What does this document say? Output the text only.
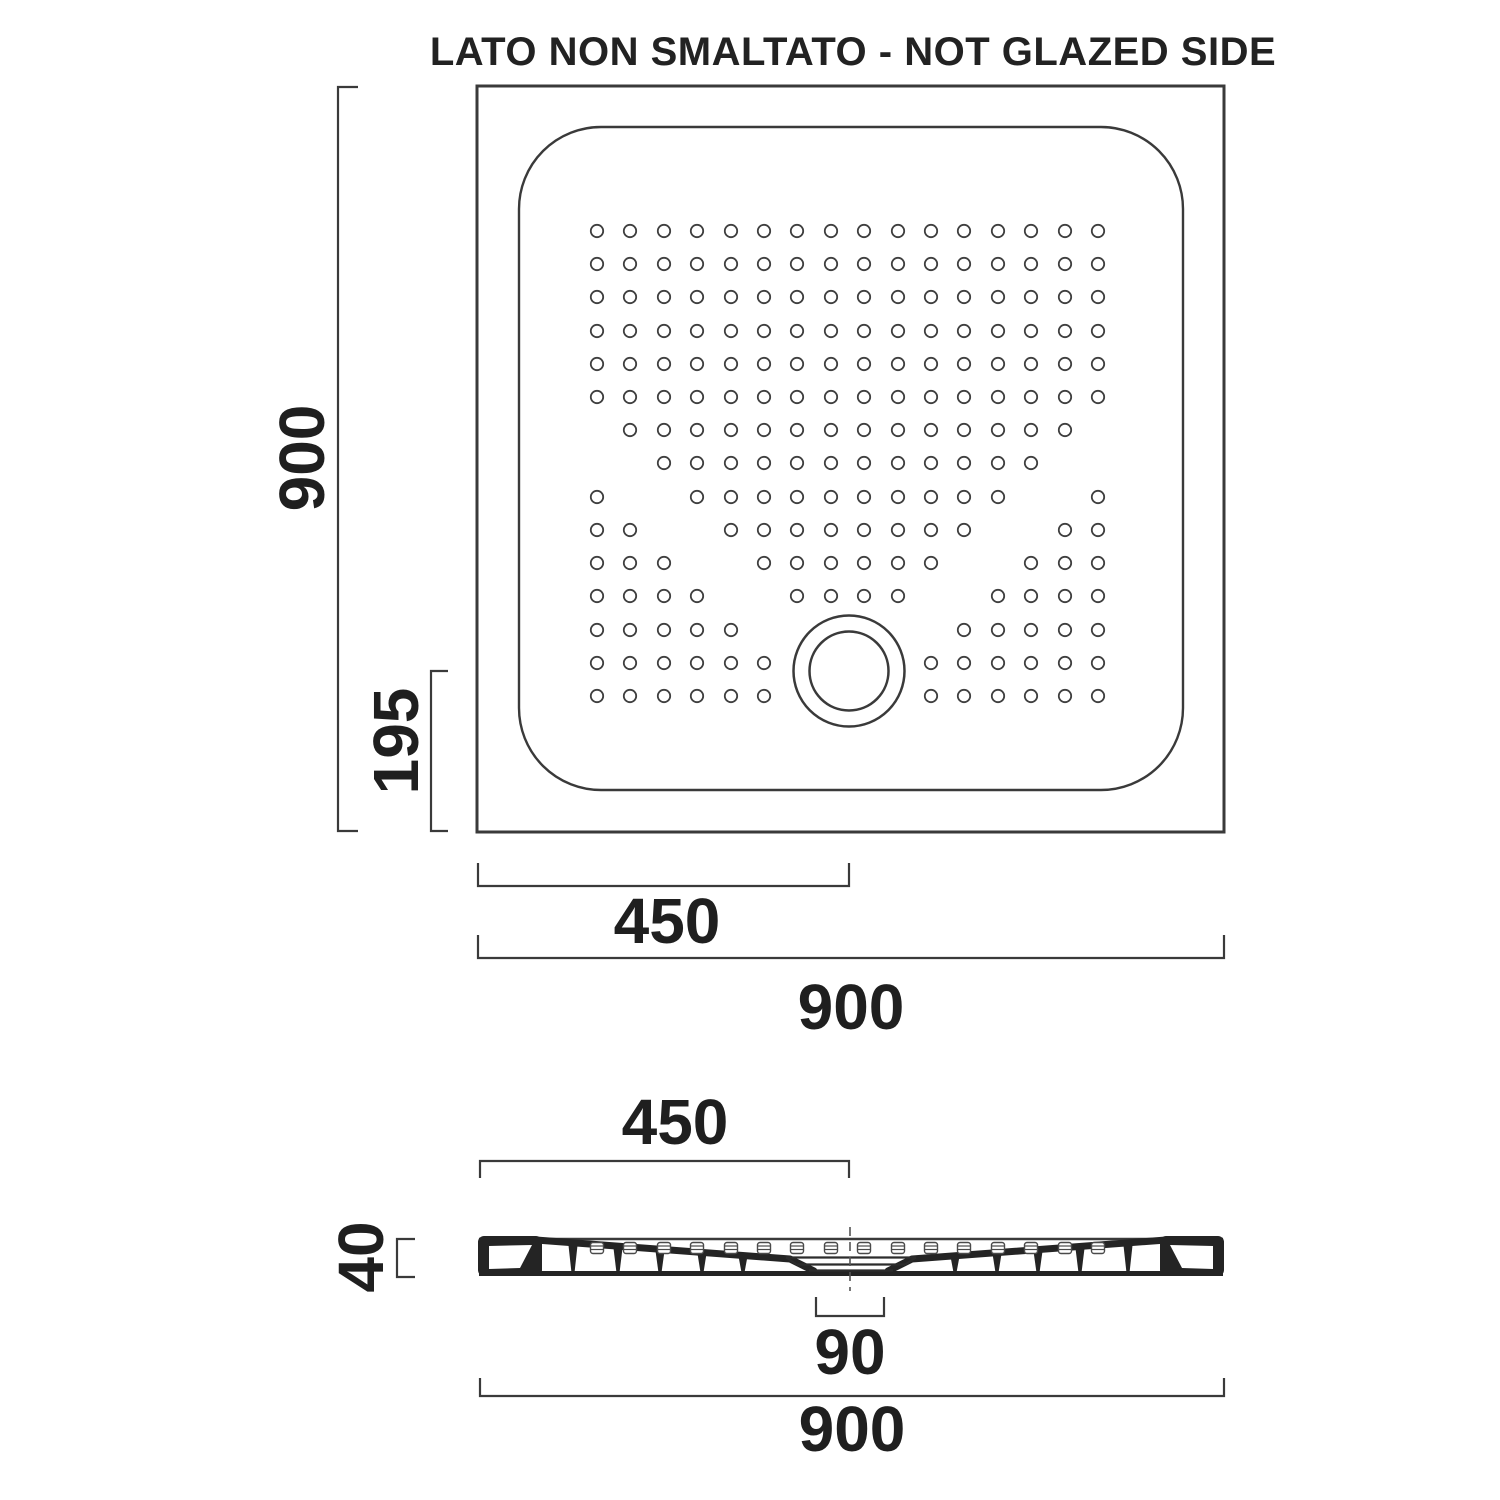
LATO NON SMALTATO - NOT GLAZED SIDE
900
195
450
900
450
40
90
900
